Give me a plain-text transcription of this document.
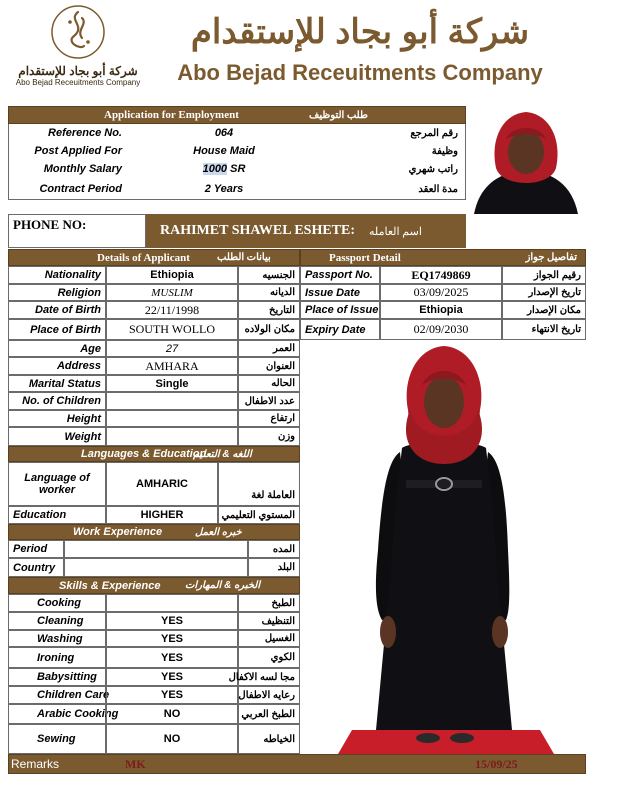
شركة أبو بجاد للإستقدام
Abo Bejad Receuitments Company
شركة أبو بجاد للإستقدام
Abo Bejad Receuitments Company
Application for Employment	طلب التوظيف
Reference No.	064	رقم المرجع
Post Applied For	House Maid	وظيفة
Monthly Salary	1000 SR	راتب شهري
Contract Period	2 Years	مدة العقد
PHONE NO:	RAHIMET SHAWEL ESHETE: اسم العامله
Details of Applicant	بيانات الطلب	Passport Detail	تفاصيل جواز
Nationality	Ethiopia	الجنسيه
Religion	MUSLIM	الديانه
Date of Birth	22/11/1998	التاريخ
Place of Birth SOUTH WOLLO	مكان الولاده
Age	27	العمر
Address	AMHARA	العنوان
Marital Status	Single	الحاله
No. of Children	عدد الاطفال
Height	ارتفاع
Weight	وزن
Passport No.	EQ1749869	رقيم الجواز
Issue Date	03/09/2025	تاريخ الإصدار
Place of Issue	Ethiopia	مكان الإصدار
Expiry Date	02/09/2030	تاريخ الانتهاء
Languages & Education
اللغه & التعليم
Language of worker	AMHARIC
العاملة لغة
Education	HIGHER	المستوي التعليمي
Work Experience	خبره العمل
Period	المده
Country	البلد
Skills & Experience الخبره & المهارات
Cooking	الطبخ
Cleaning	YES	التنظيف
Washing	YES	الغسيل
Ironing	YES	الكوي
Babysitting	YES	مجا لسه الاكفال
Children Care	YES	رعايه الاطفال
Arabic Cooking	NO	الطبخ العربي
Sewing	NO	الخياطه
Remarks	MK	15/09/25
